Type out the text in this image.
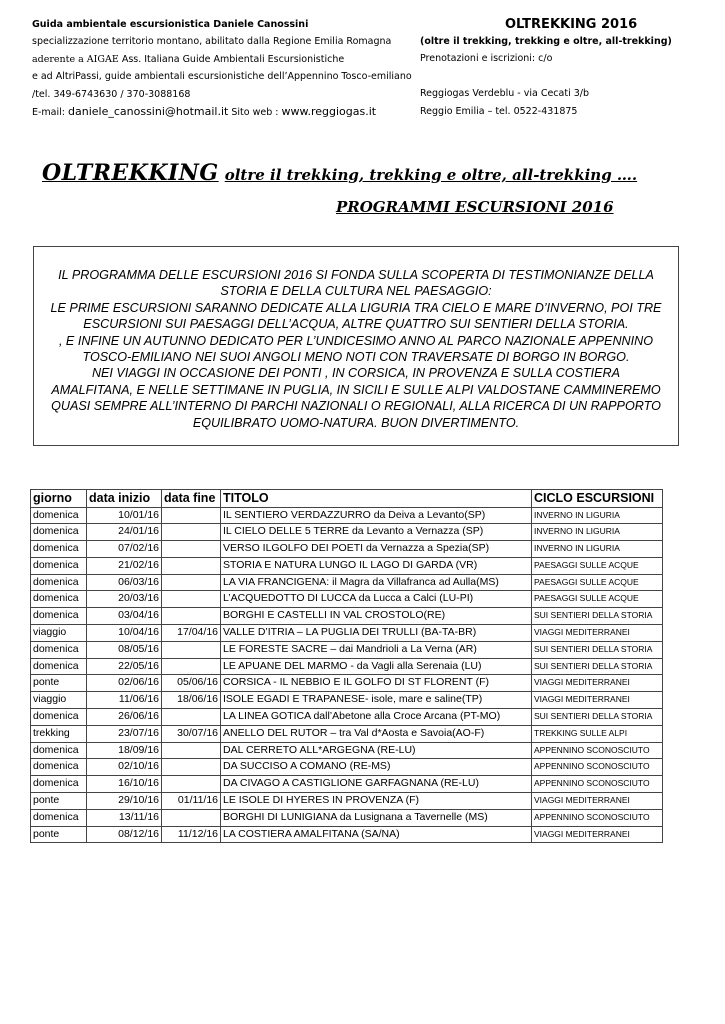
Guida ambientale escursionistica Daniele Canossini
specializzazione territorio montano, abilitato dalla Regione Emilia Romagna
aderente a AIGAE Ass. Italiana Guide Ambientali Escursionistiche
e ad AltriPassi, guide ambientali escursionistiche dell’Appennino Tosco-emiliano
/tel. 349-6743630 / 370-3088168
E-mail: daniele_canossini@hotmail.it Sito web : www.reggiogas.it
OLTREKKING 2016
(oltre il trekking, trekking e oltre, all-trekking)
Prenotazioni e iscrizioni: c/o
Reggiogas Verdeblu - via Cecati 3/b
Reggio Emilia – tel. 0522-431875
OLTREKKING oltre il trekking, trekking e oltre, all-trekking ….
PROGRAMMI ESCURSIONI 2016
IL PROGRAMMA DELLE ESCURSIONI 2016 SI FONDA SULLA SCOPERTA DI TESTIMONIANZE DELLA
STORIA E DELLA CULTURA NEL PAESAGGIO:
LE PRIME ESCURSIONI SARANNO DEDICATE ALLA LIGURIA TRA CIELO E MARE D’INVERNO, POI TRE
ESCURSIONI SUI PAESAGGI DELL’ACQUA, ALTRE QUATTRO SUI SENTIERI DELLA STORIA.
, E INFINE UN AUTUNNO DEDICATO PER L’UNDICESIMO ANNO AL PARCO NAZIONALE APPENNINO
TOSCO-EMILIANO NEI SUOI ANGOLI MENO NOTI CON TRAVERSATE DI BORGO IN BORGO.
NEI VIAGGI IN OCCASIONE DEI PONTI , IN CORSICA, IN PROVENZA E SULLA COSTIERA
AMALFITANA, E NELLE SETTIMANE IN PUGLIA, IN SICILI E SULLE ALPI VALDOSTANE CAMMINEREMO
QUASI SEMPRE ALL’INTERNO DI PARCHI NAZIONALI O REGIONALI, ALLA RICERCA DI UN RAPPORTO
EQUILIBRATO UOMO-NATURA. BUON DIVERTIMENTO.
giorno	data inizio	data fine	TITOLO	CICLO ESCURSIONI
domenica	10/01/16		IL SENTIERO VERDAZZURRO da Deiva a Levanto(SP)	INVERNO IN LIGURIA
domenica	24/01/16		IL CIELO DELLE 5 TERRE da Levanto a Vernazza (SP)	INVERNO IN LIGURIA
domenica	07/02/16		VERSO ILGOLFO DEI POETI da Vernazza a Spezia(SP)	INVERNO IN LIGURIA
domenica	21/02/16		STORIA E NATURA LUNGO IL LAGO DI GARDA (VR)	PAESAGGI SULLE ACQUE
domenica	06/03/16		LA VIA FRANCIGENA: il Magra da Villafranca ad Aulla(MS)	PAESAGGI SULLE ACQUE
domenica	20/03/16		L’ACQUEDOTTO DI LUCCA da Lucca a Calci (LU-PI)	PAESAGGI SULLE ACQUE
domenica	03/04/16		BORGHI E CASTELLI IN VAL CROSTOLO(RE)	SUI SENTIERI DELLA STORIA
viaggio	10/04/16	17/04/16	VALLE D’ITRIA – LA PUGLIA DEI TRULLI (BA-TA-BR)	VIAGGI MEDITERRANEI
domenica	08/05/16		LE FORESTE SACRE – dai Mandrioli a La Verna (AR)	SUI SENTIERI DELLA STORIA
domenica	22/05/16		LE APUANE DEL MARMO - da Vagli alla Serenaia (LU)	SUI SENTIERI DELLA STORIA
ponte	02/06/16	05/06/16	CORSICA - IL NEBBIO E IL GOLFO DI ST FLORENT (F)	VIAGGI MEDITERRANEI
viaggio	11/06/16	18/06/16	ISOLE EGADI E TRAPANESE- isole, mare e saline(TP)	VIAGGI MEDITERRANEI
domenica	26/06/16		LA LINEA GOTICA dall’Abetone alla Croce Arcana (PT-MO)	SUI SENTIERI DELLA STORIA
trekking	23/07/16	30/07/16	ANELLO DEL RUTOR – tra Val d*Aosta e Savoia(AO-F)	TREKKING SULLE ALPI
domenica	18/09/16		DAL CERRETO ALL*ARGEGNA (RE-LU)	APPENNINO SCONOSCIUTO
domenica	02/10/16		DA SUCCISO A COMANO (RE-MS)	APPENNINO SCONOSCIUTO
domenica	16/10/16		DA CIVAGO A CASTIGLIONE GARFAGNANA (RE-LU)	APPENNINO SCONOSCIUTO
ponte	29/10/16	01/11/16	LE ISOLE DI HYERES IN PROVENZA (F)	VIAGGI MEDITERRANEI
domenica	13/11/16		BORGHI DI LUNIGIANA da Lusignana a Tavernelle (MS)	APPENNINO SCONOSCIUTO
ponte	08/12/16	11/12/16	LA COSTIERA AMALFITANA (SA/NA)	VIAGGI MEDITERRANEI
